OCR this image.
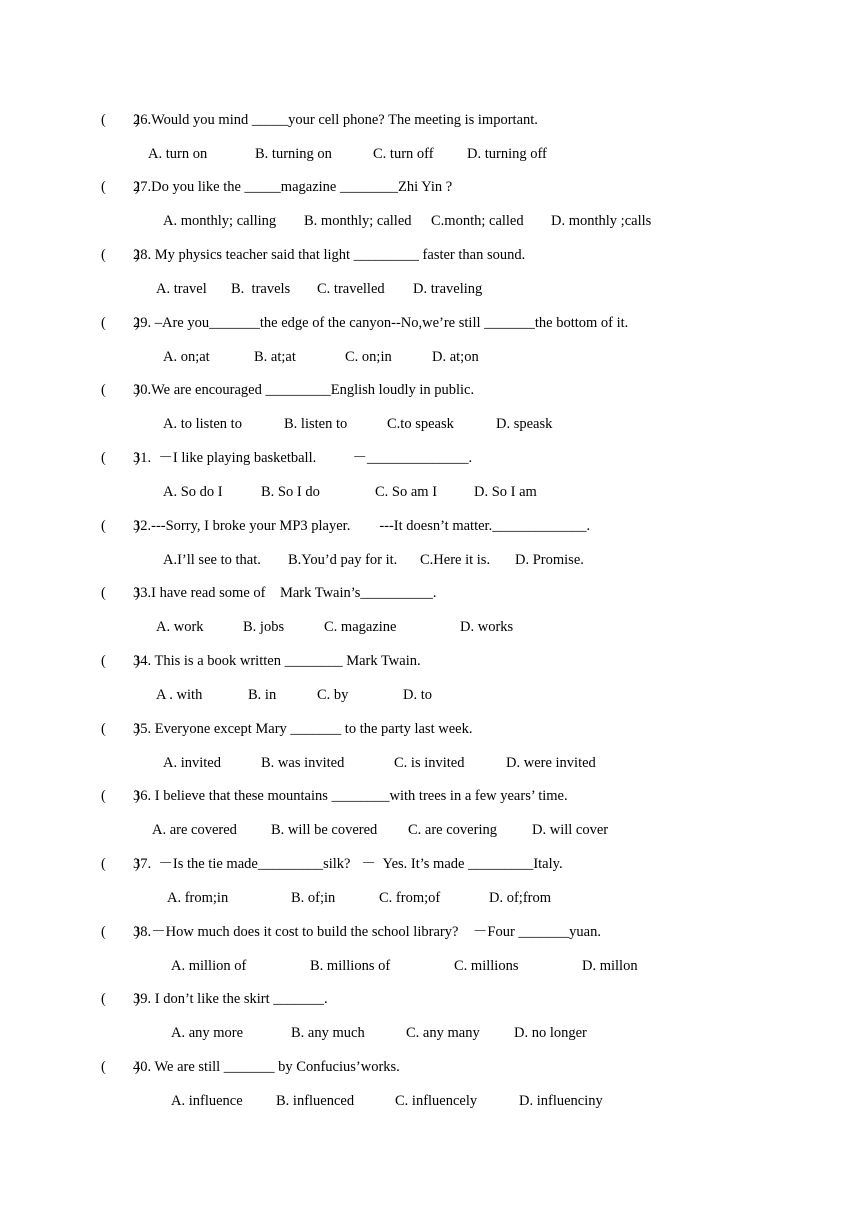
(        )
26.Would you mind _____your cell phone? The meeting is important.
A. turn on	B. turning on	C. turn off D. turning off
(        )
27.Do you like the _____magazine ________Zhi Yin ?
A. monthly; calling B. monthly; called C.month; called D. monthly ;calls
(        )
28. My physics teacher said that light _________ faster than sound.
A. travel B.  travels C. travelled D. traveling
(        )
29. –Are you_______the edge of the canyon--No,we’re still _______the bottom of it.
A. on;at	B. at;at	C. on;in	D. at;on
(        )
30.We are encouraged _________English loudly in public.
A. to listen to	B. listen to	C.to speask	D. speask
(        )
31.  －I like playing basketball.          －______________.
A. So do I	B. So I do	C. So am I	D. So I am
(        )
32.---Sorry, I broke your MP3 player.        ---It doesn’t matter._____________.
A.I’ll see to that. B.You’d pay for it. C.Here it is. D. Promise.
(        )
33.I have read some of    Mark Twain’s__________.
A. work	B. jobs	C. magazine	D. works
(        )
34. This is a book written ________ Mark Twain.
A . with	B. in	C. by	D. to
(        )
35. Everyone except Mary _______ to the party last week.
A. invited	B. was invited	C. is invited	D. were invited
(        )
36. I believe that these mountains ________with trees in a few years’ time.
A. are covered B. will be covered C. are covering D. will cover
(        )
37.  －Is the tie made_________silk?   －  Yes. It’s made _________Italy.
A. from;in	B. of;in	C. from;of	D. of;from
(        )
38.－How much does it cost to build the school library?    －Four _______yuan.
A. million of	B. millions of	C. millions	D. millon
(        )
39. I don’t like the skirt _______.
A. any more	B. any much	C. any many D. no longer
(        )
40. We are still _______ by Confucius’works.
A. influence B. influenced	C. influencely	D. influenciny
